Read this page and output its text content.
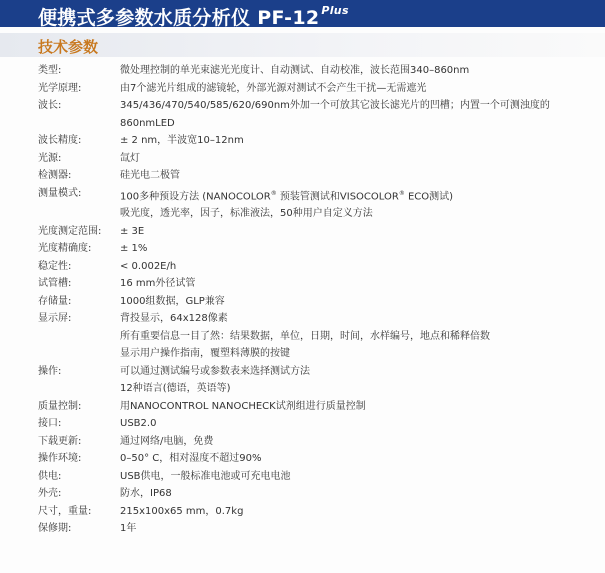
便携式多参数水质分析仪 PF-12 $^{Plus}$
技术参数
类型:	微处理控制的单光束滤光光度计、自动测试、自动校准，波长范围340–860nm
光学原理:	由7个滤光片组成的滤镜轮，外部光源对测试不会产生干扰—无需遮光
波长:	345/436/470/540/585/620/690nm外加一个可放其它波长滤光片的凹槽；内置一个可测浊度的
860nmLED
波长精度:	± 2 nm，半波宽10–12nm
光源:	氙灯
检测器:	硅光电二极管
测量模式:	100多种预设方法 (NANOCOLOR® 预装管测试和VISOCOLOR® ECO测试)
吸光度，透光率，因子，标准液法，50种用户自定义方法
光度测定范围:	± 3E
光度精确度:	± 1%
稳定性:	< 0.002E/h
试管槽:	16 mm外径试管
存储量:	1000组数据，GLP兼容
显示屏:	背投显示，64x128像素
所有重要信息一目了然：结果数据，单位，日期，时间，水样编号，地点和稀释倍数
显示用户操作指南，覆塑料薄膜的按键
操作:	可以通过测试编号或参数表来选择测试方法
12种语言(德语，英语等)
质量控制:	用NANOCONTROL NANOCHECK试剂组进行质量控制
接口:	USB2.0
下载更新:	通过网络/电脑，免费
操作环境:	0–50° C，相对湿度不超过90%
供电:	USB供电，一般标准电池或可充电电池
外壳:	防水，IP68
尺寸，重量:	215x100x65 mm，0.7kg
保修期:	1年
